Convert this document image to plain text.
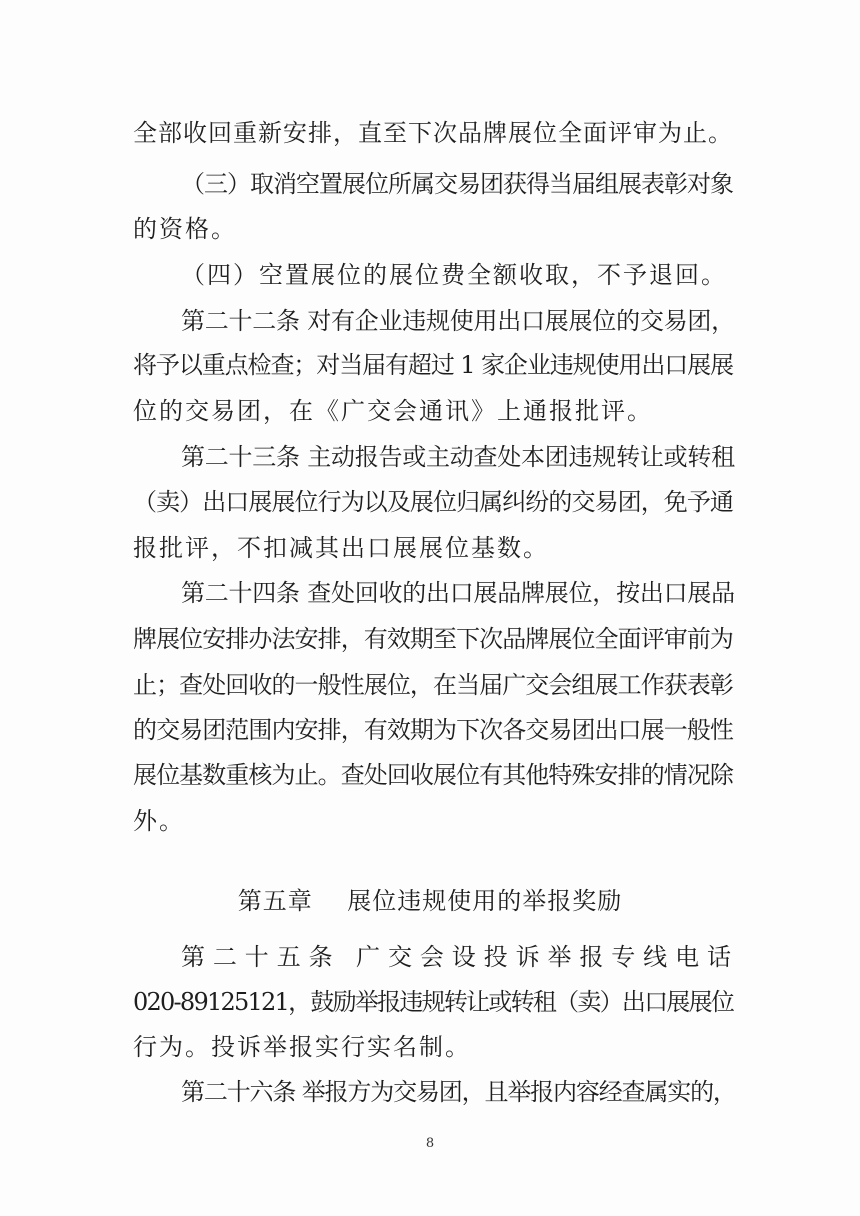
全部收回重新安排，直至下次品牌展位全面评审为止。
（三）取消空置展位所属交易团获得当届组展表彰对象
的资格。
（四）空置展位的展位费全额收取，不予退回。
第二十二条 对有企业违规使用出口展展位的交易团，
将予以重点检查；对当届有超过 1 家企业违规使用出口展展
位的交易团，在《广交会通讯》上通报批评。
第二十三条 主动报告或主动查处本团违规转让或转租
（卖）出口展展位行为以及展位归属纠纷的交易团，免予通
报批评，不扣减其出口展展位基数。
第二十四条 查处回收的出口展品牌展位，按出口展品
牌展位安排办法安排，有效期至下次品牌展位全面评审前为
止；查处回收的一般性展位，在当届广交会组展工作获表彰
的交易团范围内安排，有效期为下次各交易团出口展一般性
展位基数重核为止。查处回收展位有其他特殊安排的情况除
外。
第五章    展位违规使用的举报奖励
第二十五条 广交会设投诉举报专线电话
020-89125121，鼓励举报违规转让或转租（卖）出口展展位
行为。投诉举报实行实名制。
第二十六条 举报方为交易团，且举报内容经查属实的，
8
